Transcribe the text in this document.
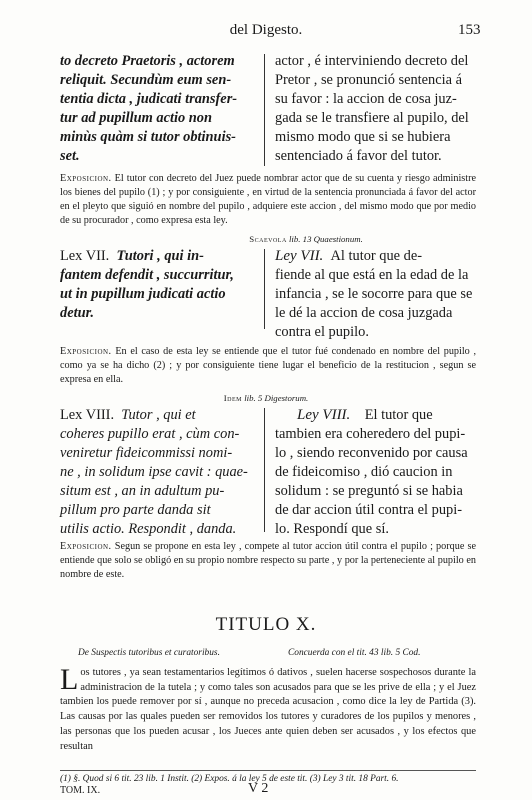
del Digesto.	153
to decreto Praetoris , actorem
reliquit. Secundùm eum sen-
tentia dicta , judicati transfer-
tur ad pupillum actio non
minùs quàm si tutor obtinuis-
set.
actor , é interviniendo decreto del
Pretor , se pronunció sentencia á
su favor : la accion de cosa juz-
gada se le transfiere al pupilo, del
mismo modo que si se hubiera
sentenciado á favor del tutor.
Exposicion. El tutor con decreto del Juez puede nombrar actor que de su cuenta y riesgo administre los bienes del pupilo (1) ; y por consiguiente , en virtud de la sentencia pronunciada á favor del actor en el pleyto que siguió en nombre del pupilo , adquiere este accion , del mismo modo que por medio de su procurador , como expresa esta ley.
Scaevola lib. 13 Quaestionum.
Lex VII. Tutori , qui in-
fantem defendit , succurritur,
ut in pupillum judicati actio
detur.
Ley VII. Al tutor que de-
fiende al que está en la edad de la
infancia , se le socorre para que se
le dé la accion de cosa juzgada
contra el pupilo.
Exposicion. En el caso de esta ley se entiende que el tutor fué condenado en nombre del pupilo , como ya se ha dicho (2) ; y por consiguiente tiene lugar el beneficio de la restitucion , segun se expresa en ella.
Idem lib. 5 Digestorum.
Lex VIII. Tutor , qui et
coheres pupillo erat , cùm con-
veniretur fideicommissi nomi-
ne , in solidum ipse cavit : quae-
situm est , an in adultum pu-
pillum pro parte danda sit
utilis actio. Respondit , danda.
Ley VIII. El tutor que
tambien era coheredero del pupi-
lo , siendo reconvenido por causa
de fideicomiso , dió caucion in
solidum : se preguntó si se habia
de dar accion útil contra el pupi-
lo. Respondí que sí.
Exposicion. Segun se propone en esta ley , compete al tutor accion útil contra el pupilo ; porque se entiende que solo se obligó en su propio nombre respecto su parte , y por la perteneciente al pupilo en nombre de este.
TITULO X.
De Suspectis tutoribus et curatoribus.	Concuerda con el tit. 43 lib. 5 Cod.
Los tutores , ya sean testamentarios legítimos ó dativos , suelen hacerse sospechosos durante la administracion de la tutela ; y como tales son acusados para que se les prive de ella ; y el Juez tambien los puede remover por sí , aunque no preceda acusacion , como dice la ley de Partida (3). Las causas por las quales pueden ser removidos los tutores y curadores de los pupilos y menores , las personas que los pueden acusar , los Jueces ante quien deben ser acusados , y los efectos que resultan
(1) §. Quod si 6 tit. 23 lib. 1 Instit. (2) Expos. á la ley 5 de este tit. (3) Ley 3 tit. 18 Part. 6.
TOM. IX.	V 2
